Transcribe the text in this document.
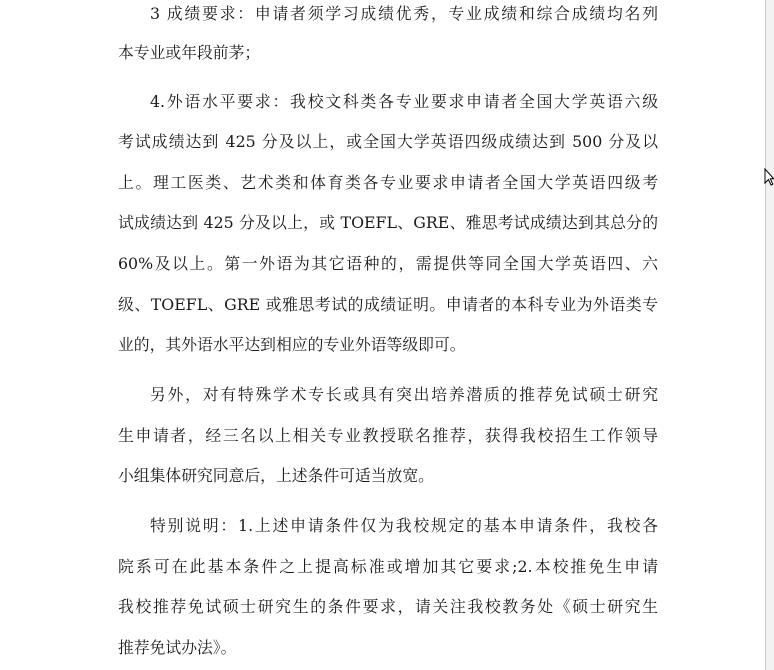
3 成绩要求：申请者须学习成绩优秀，专业成绩和综合成绩均名列
本专业或年段前茅；
4.外语水平要求：我校文科类各专业要求申请者全国大学英语六级
考试成绩达到 425 分及以上，或全国大学英语四级成绩达到 500 分及以
上。理工医类、艺术类和体育类各专业要求申请者全国大学英语四级考
试成绩达到 425 分及以上，或 TOEFL、GRE、雅思考试成绩达到其总分的
60%及以上。第一外语为其它语种的，需提供等同全国大学英语四、六
级、TOEFL、GRE 或雅思考试的成绩证明。申请者的本科专业为外语类专
业的，其外语水平达到相应的专业外语等级即可。
另外，对有特殊学术专长或具有突出培养潜质的推荐免试硕士研究
生申请者，经三名以上相关专业教授联名推荐，获得我校招生工作领导
小组集体研究同意后，上述条件可适当放宽。
特别说明：1.上述申请条件仅为我校规定的基本申请条件，我校各
院系可在此基本条件之上提高标准或增加其它要求;2.本校推免生申请
我校推荐免试硕士研究生的条件要求，请关注我校教务处《硕士研究生
推荐免试办法》。
